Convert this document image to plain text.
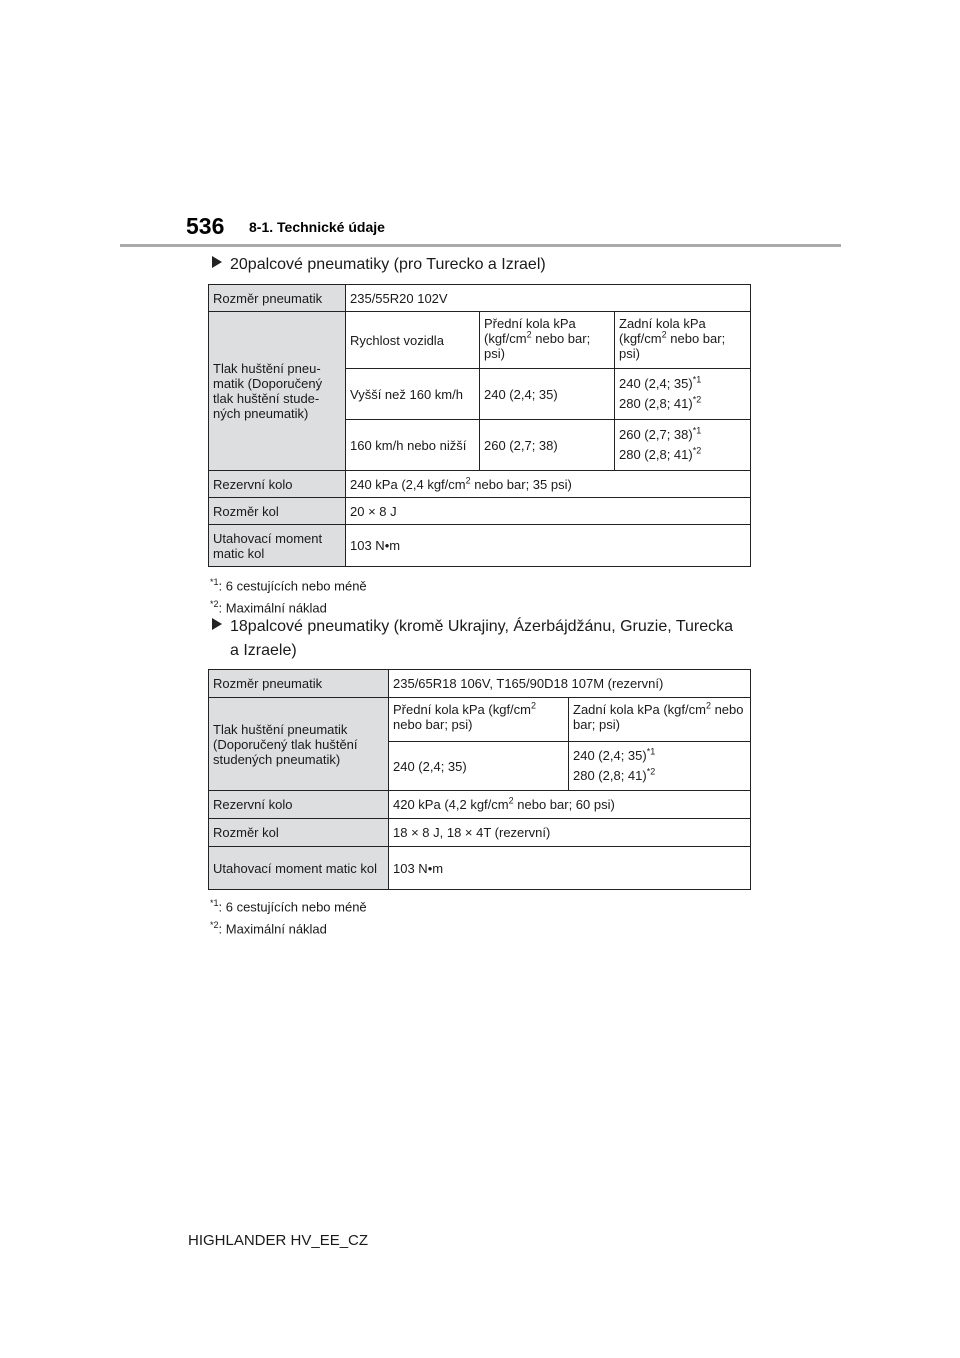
536 8-1. Technické údaje
20palcové pneumatiky (pro Turecko a Izrael)
Rozměr pneumatik	235/55R20 102V		
Tlak huštění pneu-matik (Doporučený tlak huštění stude-ných pneumatik)	Rychlost vozidla	Přední kola kPa ($kgf/cm^2$ nebo bar; psi)	Zadní kola kPa ($kgf/cm^2$ nebo bar; psi)
	Vyšší než 160 km/h	240 (2,4; 35)	240 (2,4; 35)$^{*1}$
280 (2,8; 41)$^{*2}$

	160 km/h nebo nižší	260 (2,7; 38)	260 (2,7; 38)$^{*1}$
280 (2,8; 41)$^{*2}$

Rezervní kolo	240 kPa (2,4 kgf/$cm^2$ nebo bar; 35 psi)		
Rozměr kol	20 × 8 J		
Utahovací moment matic kol	103 N•m		
$^{*1}$: 6 cestujících nebo méně
$^{*2}$: Maximální náklad
18palcové pneumatiky (kromě Ukrajiny, Ázerbájdžánu, Gruzie, Turecka
a Izraele)
Rozměr pneumatik	235/65R18 106V, T165/90D18 107M (rezervní)	
Tlak huštění pneumatik (Doporučený tlak huštění studených pneumatik)	Přední kola kPa ($kgf/cm^2$ nebo bar; psi)	Zadní kola kPa ($kgf/cm^2$ nebo bar; psi)
	240 (2,4; 35)	240 (2,4; 35)$^{*1}$
280 (2,8; 41)$^{*2}$

Rezervní kolo	420 kPa (4,2 kgf/$cm^2$ nebo bar; 60 psi)	
Rozměr kol	18 × 8 J, 18 × 4T (rezervní)	
Utahovací moment matic kol	103 N•m	
$^{*1}$: 6 cestujících nebo méně
$^{*2}$: Maximální náklad
HIGHLANDER HV_EE_CZ
